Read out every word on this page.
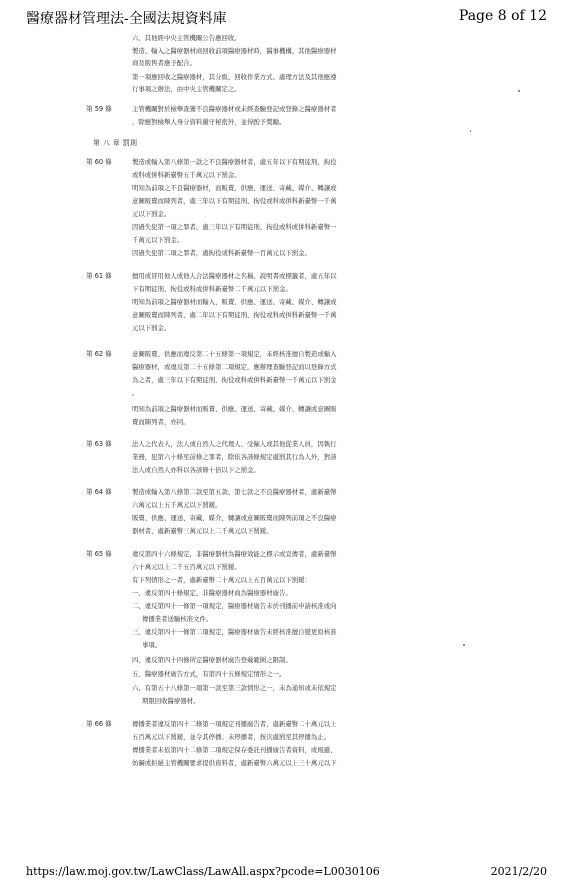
醫療器材管理法-全國法規資料庫	Page 8 of 12
六、其他經中央主管機關公告應回收。
製造、輸入之醫療器材商回收前項醫療器材時，醫事機構、其他醫療器材
商及販售者應予配合。
第一項應回收之醫療器材，其分級、回收作業方式、處理方法及其他應遵
行事項之辦法，由中央主管機關定之。
第 59 條	主管機關對於檢舉查獲不良醫療器材或未經查驗登記或登錄之醫療器材者
，除應對檢舉人身分資料嚴守秘密外，並得酌予獎勵。
第 八 章 罰則
第 60 條	製造或輸入第八條第一款之不良醫療器材者，處五年以下有期徒刑，拘役
或科或併科新臺幣五千萬元以下罰金。
明知為前項之不良醫療器材，而販賣、供應、運送、寄藏、媒介、轉讓或
意圖販賣而陳列者，處三年以下有期徒刑、拘役或科或併科新臺幣一千萬
元以下罰金。
因過失犯第一項之罪者，處三年以下有期徒刑、拘役或科或併科新臺幣一
千萬元以下罰金。
因過失犯第二項之罪者，處拘役或科新臺幣一百萬元以下罰金。
第 61 條	擅用或冒用他人或他人合法醫療器材之名稱、說明書或標籤者，處五年以
下有期徒刑、拘役或科或併科新臺幣二千萬元以下罰金。
明知為前項之醫療器材而輸入、販賣、供應、運送、寄藏、媒介、轉讓或
意圖販賣而陳列者，處二年以下有期徒刑、拘役或科或併科新臺幣一千萬
元以下罰金。
第 62 條	意圖販賣、供應而違反第二十五條第一項規定，未經核准擅自製造或輸入
醫療器材，或違反第二十五條第二項規定，應辦理查驗登記而以登錄方式
為之者，處三年以下有期徒刑、拘役或科或併科新臺幣一千萬元以下罰金
。
明知為前項之醫療器材而販賣、供應、運送、寄藏、媒介、轉讓或意圖販
賣而陳列者，亦同。
第 63 條	法人之代表人，法人或自然人之代理人、受僱人或其他從業人員，因執行
業務，犯第六十條至前條之罪者，除依各該條規定處罰其行為人外，對該
法人或自然人亦科以各該條十倍以下之罰金。
第 64 條	製造或輸入第八條第二款至第五款、第七款之不良醫療器材者，處新臺幣
六萬元以上五千萬元以下罰鍰。
販賣、供應、運送、寄藏、媒介、轉讓或意圖販賣而陳列前項之不良醫療
器材者，處新臺幣三萬元以上二千萬元以下罰鍰。
第 65 條	違反第四十六條規定，非醫療器材為醫療效能之標示或宣傳者，處新臺幣
六十萬元以上二千五百萬元以下罰鍰。
有下列情形之一者，處新臺幣二十萬元以上五百萬元以下罰鍰：
一、違反第四十條規定，非醫療器材商為醫療器材廣告。
二、違反第四十一條第一項規定，醫療器材廣告未於刊播前申請核准或向
傳播業者送驗核准文件。
三、違反第四十一條第二項規定，醫療器材廣告未經核准擅自變更原核准
事項。
四、違反第四十四條所定醫療器材廣告登載範圍之限制。
五、醫療器材廣告方式，有第四十五條規定情形之一。
六、有第五十八條第一項第一款至第三款情形之一，未為通知或未依規定
期限回收醫療器材。
第 66 條	傳播業者違反第四十二條第一項規定刊播廣告者，處新臺幣二十萬元以上
五百萬元以下罰鍰，並令其停播；未停播者，按次處罰至其停播為止。
傳播業者未依第四十二條第二項規定保存委託刊播廣告者資料，或規避、
妨礙或拒絕主管機關要求提供資料者，處新臺幣六萬元以上三十萬元以下
https://law.moj.gov.tw/LawClass/LawAll.aspx?pcode=L0030106	2021/2/20
